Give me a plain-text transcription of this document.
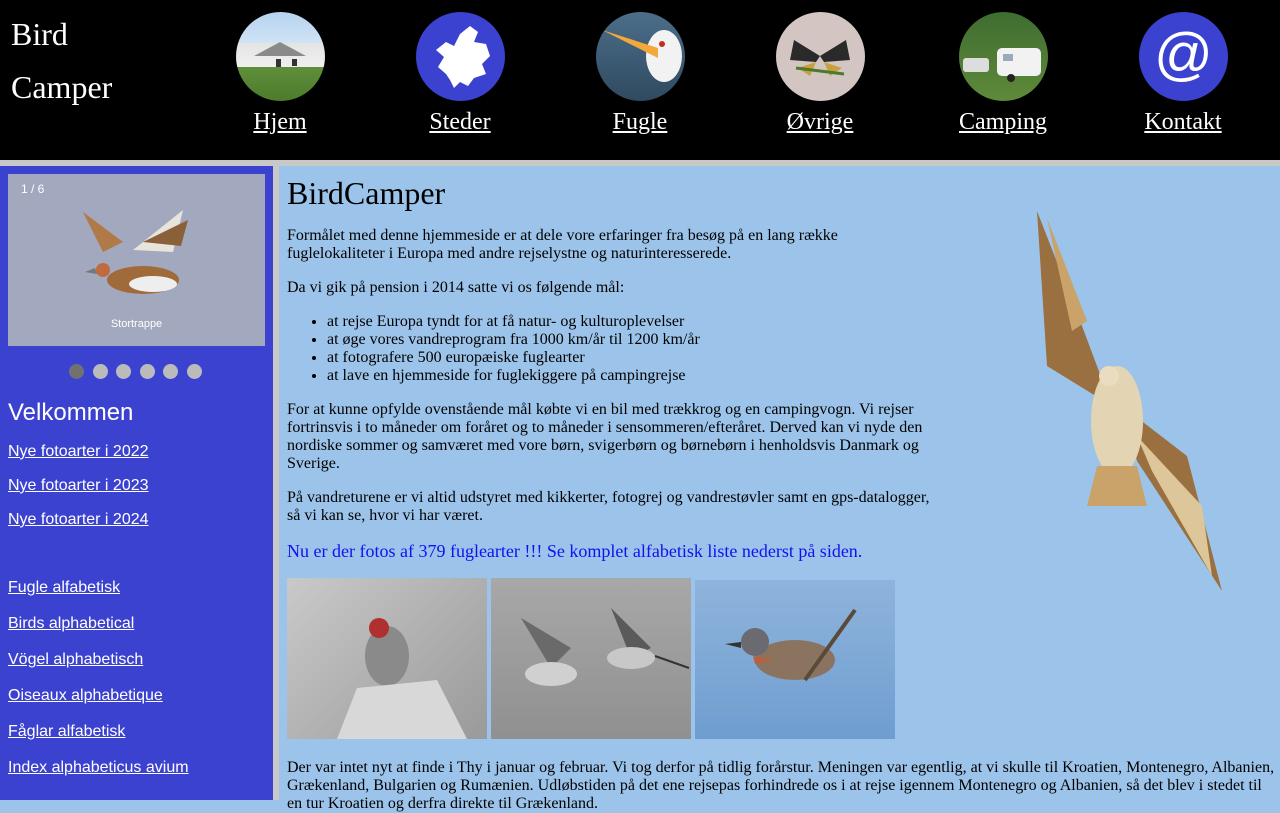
Bird
Camper
Hjem	Steder	Fugle	Øvrige	Camping
@
Kontakt
1 / 6
Stortrappe
Velkommen
Nye fotoarter i 2022
Nye fotoarter i 2023
Nye fotoarter i 2024
Fugle alfabetisk
Birds alphabetical
Vögel alphabetisch
Oiseaux alphabetique
Fåglar alfabetisk
Index alphabeticus avium
BirdCamper

Formålet med denne hjemmeside er at dele vore erfaringer fra besøg på en lang række fuglelokaliteter i Europa med andre rejselystne og naturinteresserede.

Da vi gik på pension i 2014 satte vi os følgende mål:

• at rejse Europa tyndt for at få natur- og kulturoplevelser
• at øge vores vandreprogram fra 1000 km/år til 1200 km/år
• at fotografere 500 europæiske fuglearter
• at lave en hjemmeside for fuglekiggere på campingrejse

For at kunne opfylde ovenstående mål købte vi en bil med trækkrog og en campingvogn. Vi rejser fortrinsvis i to måneder om foråret og to måneder i sensommeren/efteråret. Derved kan vi nyde den nordiske sommer og samværet med vore børn, svigerbørn og børnebørn i henholdsvis Danmark og Sverige.

På vandreturene er vi altid udstyret med kikkerter, fotogrej og vandrestøvler samt en gps-datalogger, så vi kan se, hvor vi har været.

Nu er der fotos af 379 fuglearter !!! Se komplet alfabetisk liste nederst på siden.

Der var intet nyt at finde i Thy i januar og februar. Vi tog derfor på tidlig forårstur. Meningen var egentlig, at vi skulle til Kroatien, Montenegro, Albanien, Grækenland, Bulgarien og Rumænien. Udløbstiden på det ene rejsepas forhindrede os i at rejse igennem Montenegro og Albanien, så det blev i stedet til en tur Kroatien og derfra direkte til Grækenland.
